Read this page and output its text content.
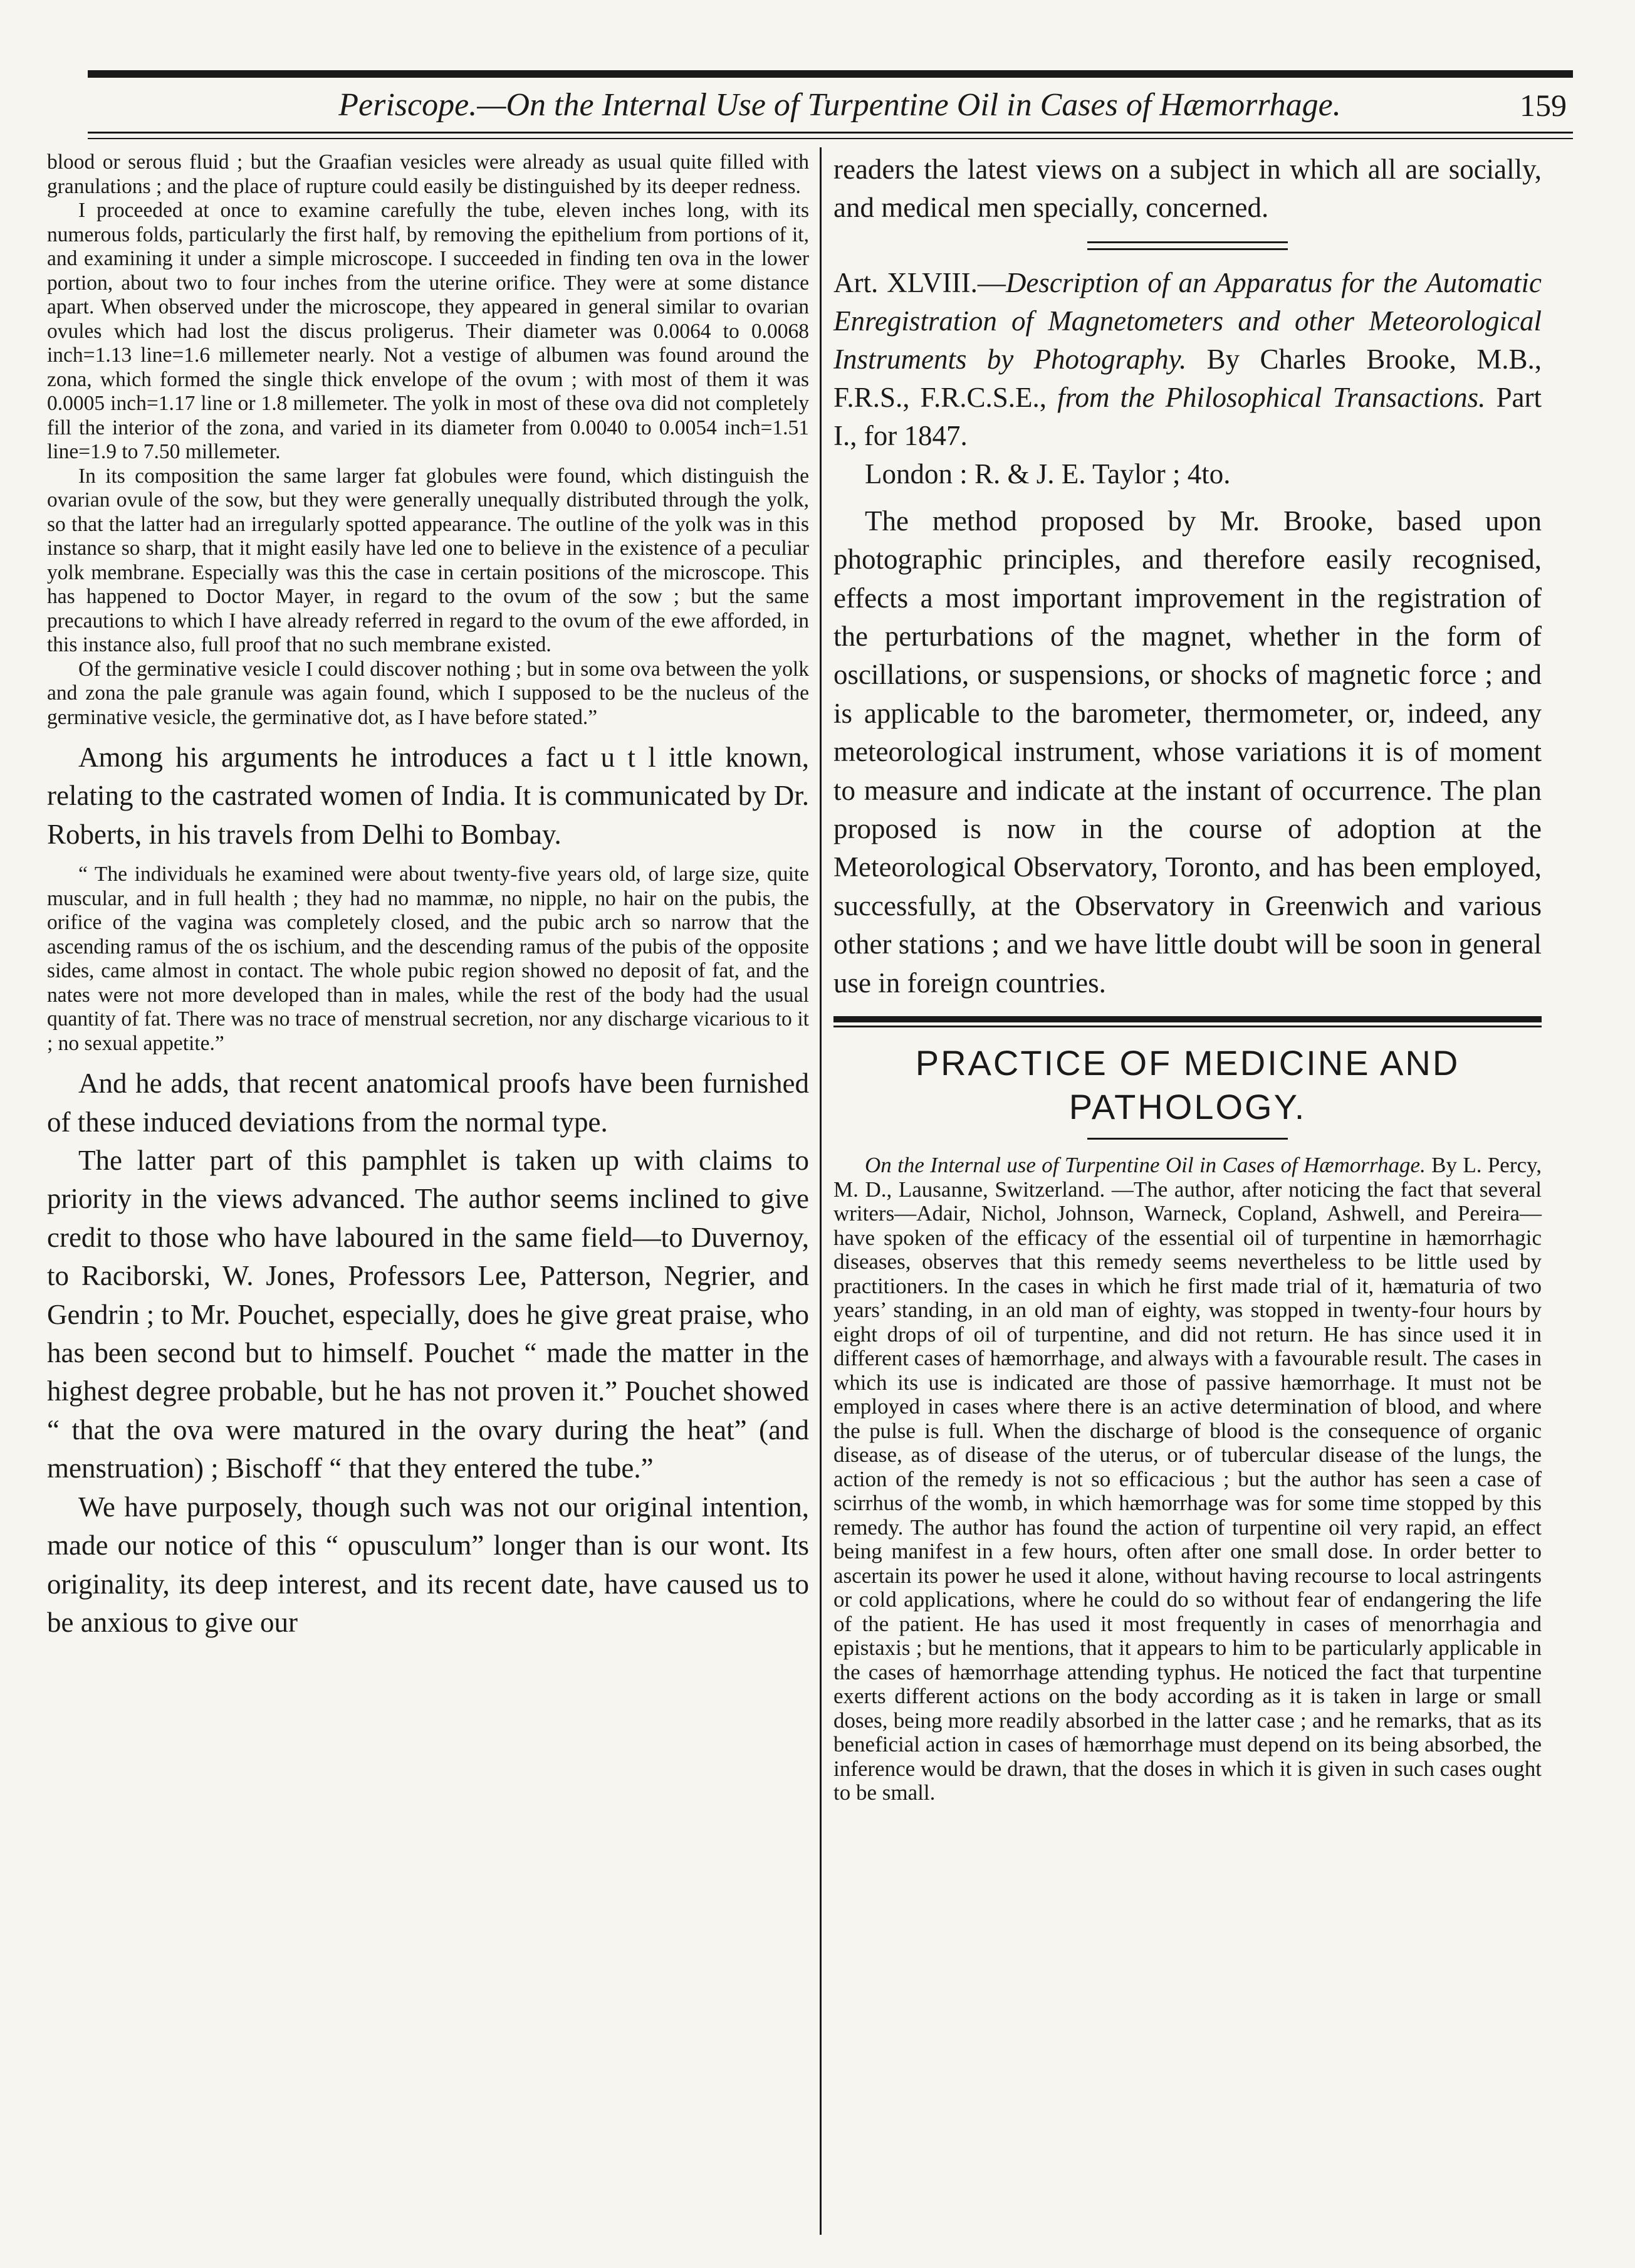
Periscope.—On the Internal Use of Turpentine Oil in Cases of Hæmorrhage.	159

blood or serous fluid ; but the Graafian vesicles were already as usual quite filled with granulations ; and the place of rupture could easily be distinguished by its deeper redness.

I proceeded at once to examine carefully the tube, eleven inches long, with its numerous folds, particularly the first half, by removing the epithelium from portions of it, and examining it under a simple microscope. I succeeded in finding ten ova in the lower portion, about two to four inches from the uterine orifice. They were at some distance apart. When observed under the microscope, they appeared in general similar to ovarian ovules which had lost the discus proligerus. Their diameter was 0.0064 to 0.0068 inch=1.13 line=1.6 millemeter nearly. Not a vestige of albumen was found around the zona, which formed the single thick envelope of the ovum ; with most of them it was 0.0005 inch=1.17 line or 1.8 millemeter. The yolk in most of these ova did not completely fill the interior of the zona, and varied in its diameter from 0.0040 to 0.0054 inch=1.51 line=1.9 to 7.50 millemeter.

In its composition the same larger fat globules were found, which distinguish the ovarian ovule of the sow, but they were generally unequally distributed through the yolk, so that the latter had an irregularly spotted appearance. The outline of the yolk was in this instance so sharp, that it might easily have led one to believe in the existence of a peculiar yolk membrane. Especially was this the case in certain positions of the microscope. This has happened to Doctor Mayer, in regard to the ovum of the sow ; but the same precautions to which I have already referred in regard to the ovum of the ewe afforded, in this instance also, full proof that no such membrane existed.

Of the germinative vesicle I could discover nothing ; but in some ova between the yolk and zona the pale granule was again found, which I supposed to be the nucleus of the germinative vesicle, the germinative dot, as I have before stated.”

Among his arguments he introduces a fact u t l ittle known, relating to the castrated women of India. It is communicated by Dr. Roberts, in his travels from Delhi to Bombay.

“ The individuals he examined were about twenty-five years old, of large size, quite muscular, and in full health ; they had no mammæ, no nipple, no hair on the pubis, the orifice of the vagina was completely closed, and the pubic arch so narrow that the ascending ramus of the os ischium, and the descending ramus of the pubis of the opposite sides, came almost in contact. The whole pubic region showed no deposit of fat, and the nates were not more developed than in males, while the rest of the body had the usual quantity of fat. There was no trace of menstrual secretion, nor any discharge vicarious to it ; no sexual appetite.”

And he adds, that recent anatomical proofs have been furnished of these induced deviations from the normal type.

The latter part of this pamphlet is taken up with claims to priority in the views advanced. The author seems inclined to give credit to those who have laboured in the same field—to Duvernoy, to Raciborski, W. Jones, Professors Lee, Patterson, Negrier, and Gendrin ; to Mr. Pouchet, especially, does he give great praise, who has been second but to himself. Pouchet “ made the matter in the highest degree probable, but he has not proven it.” Pouchet showed “ that the ova were matured in the ovary during the heat” (and menstruation) ; Bischoff “ that they entered the tube.”

We have purposely, though such was not our original intention, made our notice of this “ opusculum” longer than is our wont. Its originality, its deep interest, and its recent date, have caused us to be anxious to give our

readers the latest views on a subject in which all are socially, and medical men specially, concerned.

Art. XLVIII.—Description of an Apparatus for the Automatic Enregistration of Magnetometers and other Meteorological Instruments by Photography. By Charles Brooke, M.B., F.R.S., F.R.C.S.E., from the Philosophical Transactions. Part I., for 1847.

London : R. & J. E. Taylor ; 4to.

The method proposed by Mr. Brooke, based upon photographic principles, and therefore easily recognised, effects a most important improvement in the registration of the perturbations of the magnet, whether in the form of oscillations, or suspensions, or shocks of magnetic force ; and is applicable to the barometer, thermometer, or, indeed, any meteorological instrument, whose variations it is of moment to measure and indicate at the instant of occurrence. The plan proposed is now in the course of adoption at the Meteorological Observatory, Toronto, and has been employed, successfully, at the Observatory in Greenwich and various other stations ; and we have little doubt will be soon in general use in foreign countries.

PRACTICE OF MEDICINE AND PATHOLOGY.

On the Internal use of Turpentine Oil in Cases of Hæmorrhage. By L. Percy, M. D., Lausanne, Switzerland. —The author, after noticing the fact that several writers—Adair, Nichol, Johnson, Warneck, Copland, Ashwell, and Pereira—have spoken of the efficacy of the essential oil of turpentine in hæmorrhagic diseases, observes that this remedy seems nevertheless to be little used by practitioners. In the cases in which he first made trial of it, hæmaturia of two years’ standing, in an old man of eighty, was stopped in twenty-four hours by eight drops of oil of turpentine, and did not return. He has since used it in different cases of hæmorrhage, and always with a favourable result. The cases in which its use is indicated are those of passive hæmorrhage. It must not be employed in cases where there is an active determination of blood, and where the pulse is full. When the discharge of blood is the consequence of organic disease, as of disease of the uterus, or of tubercular disease of the lungs, the action of the remedy is not so efficacious ; but the author has seen a case of scirrhus of the womb, in which hæmorrhage was for some time stopped by this remedy. The author has found the action of turpentine oil very rapid, an effect being manifest in a few hours, often after one small dose. In order better to ascertain its power he used it alone, without having recourse to local astringents or cold applications, where he could do so without fear of endangering the life of the patient. He has used it most frequently in cases of menorrhagia and epistaxis ; but he mentions, that it appears to him to be particularly applicable in the cases of hæmorrhage attending typhus. He noticed the fact that turpentine exerts different actions on the body according as it is taken in large or small doses, being more readily absorbed in the latter case ; and he remarks, that as its beneficial action in cases of hæmorrhage must depend on its being absorbed, the inference would be drawn, that the doses in which it is given in such cases ought to be small.
